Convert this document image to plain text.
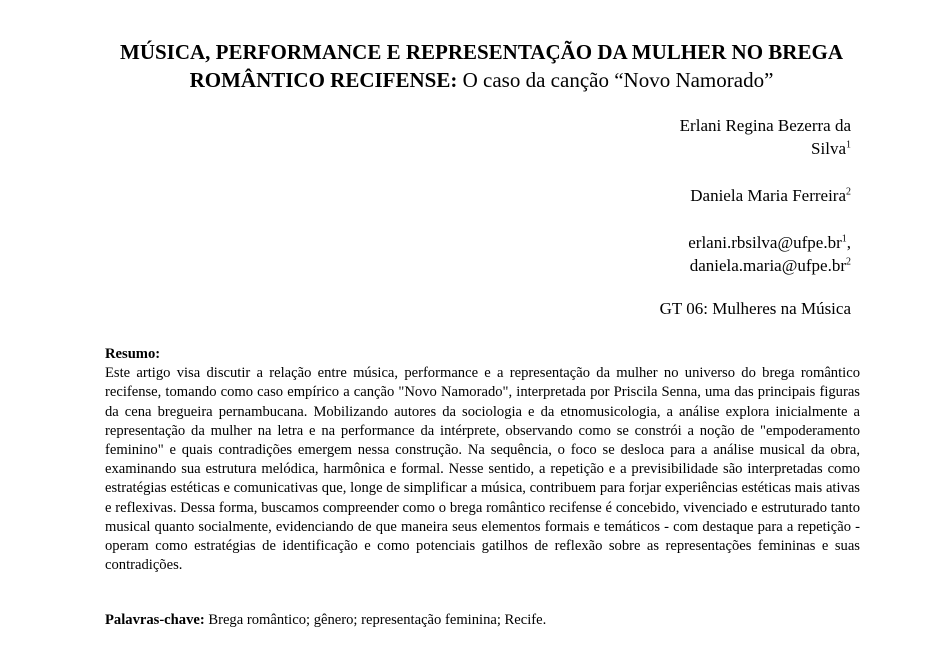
MÚSICA, PERFORMANCE E REPRESENTAÇÃO DA MULHER NO BREGA ROMÂNTICO RECIFENSE: O caso da canção “Novo Namorado”
Erlani Regina Bezerra da
Silva$^1$
Daniela Maria Ferreira$^2$
$erlani.rbsilva@ufpe.br^1$,
$daniela.maria@ufpe.br^2$
GT 06: Mulheres na Música
Resumo:
Este artigo visa discutir a relação entre música, performance e a representação da mulher no universo do brega romântico recifense, tomando como caso empírico a canção "Novo Namorado", interpretada por Priscila Senna, uma das principais figuras da cena bregueira pernambucana. Mobilizando autores da sociologia e da etnomusicologia, a análise explora inicialmente a representação da mulher na letra e na performance da intérprete, observando como se constrói a noção de "empoderamento feminino" e quais contradições emergem nessa construção. Na sequência, o foco se desloca para a análise musical da obra, examinando sua estrutura melódica, harmônica e formal. Nesse sentido, a repetição e a previsibilidade são interpretadas como estratégias estéticas e comunicativas que, longe de simplificar a música, contribuem para forjar experiências estéticas mais ativas e reflexivas. Dessa forma, buscamos compreender como o brega romântico recifense é concebido, vivenciado e estruturado tanto musical quanto socialmente, evidenciando de que maneira seus elementos formais e temáticos - com destaque para a repetição - operam como estratégias de identificação e como potenciais gatilhos de reflexão sobre as representações femininas e suas contradições.
Palavras-chave: Brega romântico; gênero; representação feminina; Recife.
